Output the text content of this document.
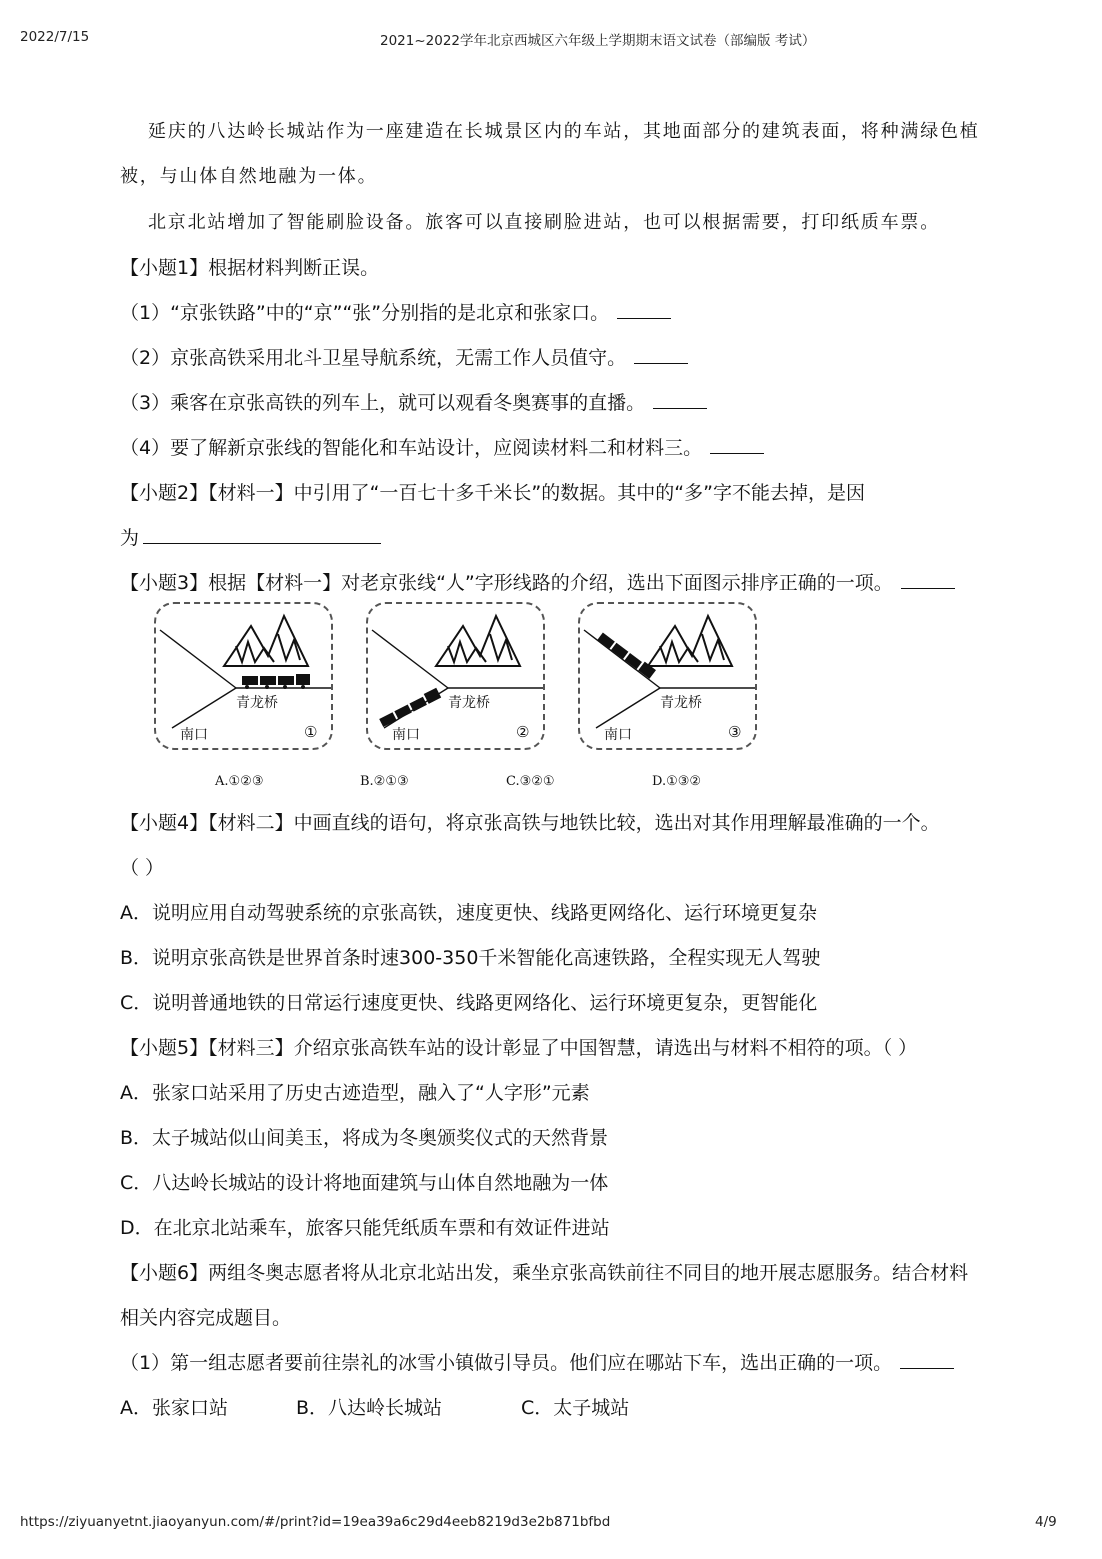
2022/7/15	2021~2022学年北京西城区六年级上学期期末语文试卷（部编版 考试）
延庆的八达岭长城站作为一座建造在长城景区内的车站，其地面部分的建筑表面，将种满绿色植
被，与山体自然地融为一体。
北京北站增加了智能刷脸设备。旅客可以直接刷脸进站，也可以根据需要，打印纸质车票。
【小题1】根据材料判断正误。
（1）“京张铁路”中的“京”“张”分别指的是北京和张家口。
（2）京张高铁采用北斗卫星导航系统，无需工作人员值守。
（3）乘客在京张高铁的列车上，就可以观看冬奥赛事的直播。
（4）要了解新京张线的智能化和车站设计，应阅读材料二和材料三。
【小题2】【材料一】中引用了“一百七十多千米长”的数据。其中的“多”字不能去掉，是因
为
【小题3】根据【材料一】对老京张线“人”字形线路的介绍，选出下面图示排序正确的一项。
青龙桥
南口	①
青龙桥
南口	②
青龙桥
南口	③
A.①②③	B.②①③	C.③②①	D.①③②
【小题4】【材料二】中画直线的语句，将京张高铁与地铁比较，选出对其作用理解最准确的一个。
（ ）
A．说明应用自动驾驶系统的京张高铁，速度更快、线路更网络化、运行环境更复杂
B．说明京张高铁是世界首条时速300-350千米智能化高速铁路，全程实现无人驾驶
C．说明普通地铁的日常运行速度更快、线路更网络化、运行环境更复杂，更智能化
【小题5】【材料三】介绍京张高铁车站的设计彰显了中国智慧，请选出与材料不相符的项。（ ）
A．张家口站采用了历史古迹造型，融入了“人字形”元素
B．太子城站似山间美玉，将成为冬奥颁奖仪式的天然背景
C．八达岭长城站的设计将地面建筑与山体自然地融为一体
D．在北京北站乘车，旅客只能凭纸质车票和有效证件进站
【小题6】两组冬奥志愿者将从北京北站出发，乘坐京张高铁前往不同目的地开展志愿服务。结合材料
相关内容完成题目。
（1）第一组志愿者要前往崇礼的冰雪小镇做引导员。他们应在哪站下车，选出正确的一项。
A．张家口站	B．八达岭长城站	C．太子城站
https://ziyuanyetnt.jiaoyanyun.com/#/print?id=19ea39a6c29d4eeb8219d3e2b871bfbd	4/9
